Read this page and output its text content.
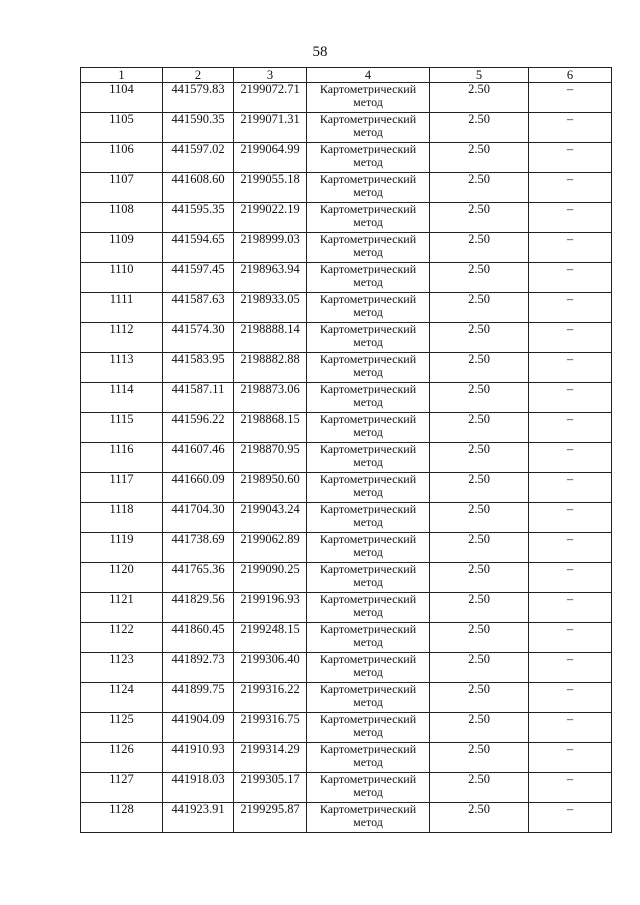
58
1	2	3	4	5	6
1104	441579.83	2199072.71	Картометрический
метод	2.50	–
1105	441590.35	2199071.31	Картометрический
метод	2.50	–
1106	441597.02	2199064.99	Картометрический
метод	2.50	–
1107	441608.60	2199055.18	Картометрический
метод	2.50	–
1108	441595.35	2199022.19	Картометрический
метод	2.50	–
1109	441594.65	2198999.03	Картометрический
метод	2.50	–
1110	441597.45	2198963.94	Картометрический
метод	2.50	–
1111	441587.63	2198933.05	Картометрический
метод	2.50	–
1112	441574.30	2198888.14	Картометрический
метод	2.50	–
1113	441583.95	2198882.88	Картометрический
метод	2.50	–
1114	441587.11	2198873.06	Картометрический
метод	2.50	–
1115	441596.22	2198868.15	Картометрический
метод	2.50	–
1116	441607.46	2198870.95	Картометрический
метод	2.50	–
1117	441660.09	2198950.60	Картометрический
метод	2.50	–
1118	441704.30	2199043.24	Картометрический
метод	2.50	–
1119	441738.69	2199062.89	Картометрический
метод	2.50	–
1120	441765.36	2199090.25	Картометрический
метод	2.50	–
1121	441829.56	2199196.93	Картометрический
метод	2.50	–
1122	441860.45	2199248.15	Картометрический
метод	2.50	–
1123	441892.73	2199306.40	Картометрический
метод	2.50	–
1124	441899.75	2199316.22	Картометрический
метод	2.50	–
1125	441904.09	2199316.75	Картометрический
метод	2.50	–
1126	441910.93	2199314.29	Картометрический
метод	2.50	–
1127	441918.03	2199305.17	Картометрический
метод	2.50	–
1128	441923.91	2199295.87	Картометрический
метод	2.50	–
